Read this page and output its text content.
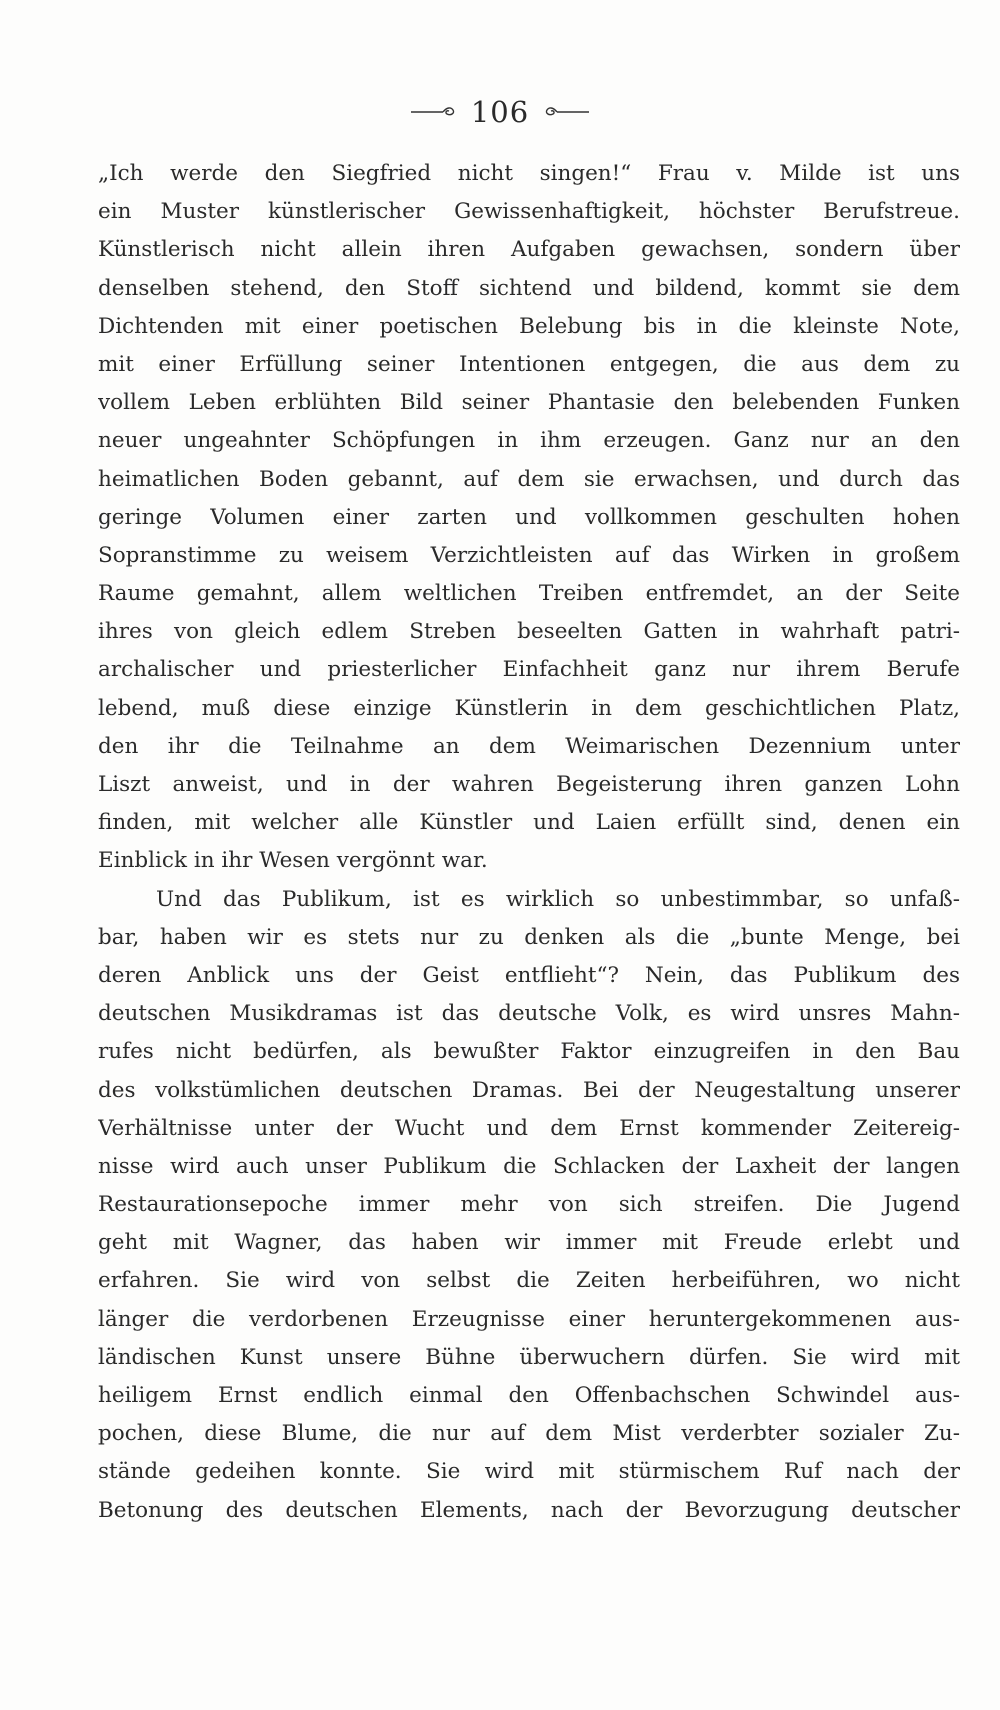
106
„Ich werde den Siegfried nicht singen!“ Frau v. Milde ist uns
ein Muster künstlerischer Gewissenhaftigkeit, höchster Berufstreue.
Künstlerisch nicht allein ihren Aufgaben gewachsen, sondern über
denselben stehend, den Stoff sichtend und bildend, kommt sie dem
Dichtenden mit einer poetischen Belebung bis in die kleinste Note,
mit einer Erfüllung seiner Intentionen entgegen, die aus dem zu
vollem Leben erblühten Bild seiner Phantasie den belebenden Funken
neuer ungeahnter Schöpfungen in ihm erzeugen. Ganz nur an den
heimatlichen Boden gebannt, auf dem sie erwachsen, und durch das
geringe Volumen einer zarten und vollkommen geschulten hohen
Sopranstimme zu weisem Verzichtleisten auf das Wirken in großem
Raume gemahnt, allem weltlichen Treiben entfremdet, an der Seite
ihres von gleich edlem Streben beseelten Gatten in wahrhaft patri-
archalischer und priesterlicher Einfachheit ganz nur ihrem Berufe
lebend, muß diese einzige Künstlerin in dem geschichtlichen Platz,
den ihr die Teilnahme an dem Weimarischen Dezennium unter
Liszt anweist, und in der wahren Begeisterung ihren ganzen Lohn
finden, mit welcher alle Künstler und Laien erfüllt sind, denen ein
Einblick in ihr Wesen vergönnt war.
Und das Publikum, ist es wirklich so unbestimmbar, so unfaß-
bar, haben wir es stets nur zu denken als die „bunte Menge, bei
deren Anblick uns der Geist entflieht“? Nein, das Publikum des
deutschen Musikdramas ist das deutsche Volk, es wird unsres Mahn-
rufes nicht bedürfen, als bewußter Faktor einzugreifen in den Bau
des volkstümlichen deutschen Dramas. Bei der Neugestaltung unserer
Verhältnisse unter der Wucht und dem Ernst kommender Zeitereig-
nisse wird auch unser Publikum die Schlacken der Laxheit der langen
Restaurationsepoche immer mehr von sich streifen. Die Jugend
geht mit Wagner, das haben wir immer mit Freude erlebt und
erfahren. Sie wird von selbst die Zeiten herbeiführen, wo nicht
länger die verdorbenen Erzeugnisse einer heruntergekommenen aus-
ländischen Kunst unsere Bühne überwuchern dürfen. Sie wird mit
heiligem Ernst endlich einmal den Offenbachschen Schwindel aus-
pochen, diese Blume, die nur auf dem Mist verderbter sozialer Zu-
stände gedeihen konnte. Sie wird mit stürmischem Ruf nach der
Betonung des deutschen Elements, nach der Bevorzugung deutscher
